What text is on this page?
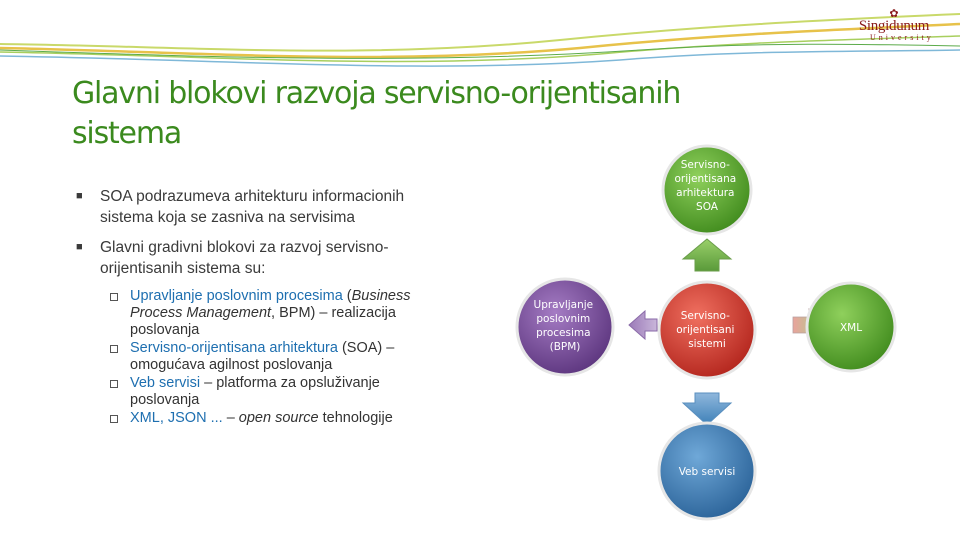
✿
Singidunum
University
Glavni blokovi razvoja servisno-orijentisanih
sistema
■ SOA podrazumeva arhitekturu informacionih
sistema koja se zasniva na servisima
■ Glavni gradivni blokovi za razvoj servisno-
orijentisanih sistema su:
Upravljanje poslovnim procesima (Business
Process Management, BPM) – realizacija
poslovanja
Servisno-orijentisana arhitektura (SOA) –
omogućava agilnost poslovanja
Veb servisi – platforma za opsluživanje
poslovanja
XML, JSON ... – open source tehnologije
Servisno- orijentisana arhitektura SOA
Servisno- orijentisani sistemi
Upravljanje poslovnim procesima (BPM)
XML
Veb servisi
